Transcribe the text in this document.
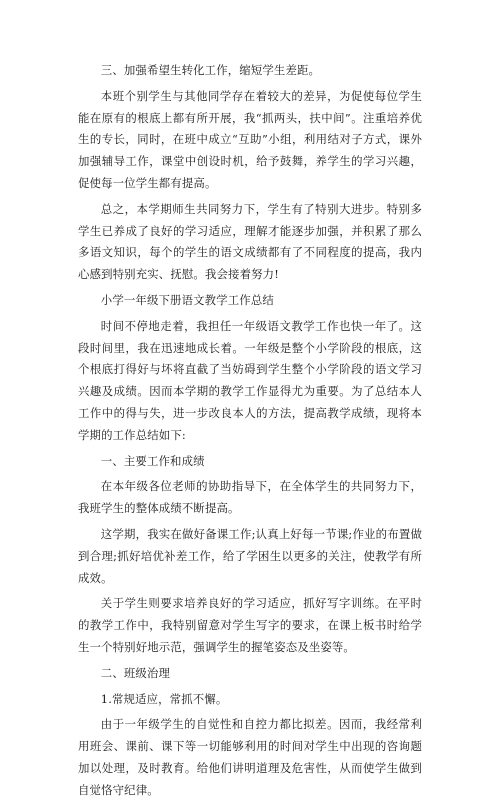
三、加强希望生转化工作，缩短学生差距。

本班个别学生与其他同学存在着较大的差异，为促使每位学生能在原有的根底上都有所开展，我“抓两头，扶中间”。注重培养优生的专长，同时，在班中成立“互助”小组，利用结对子方式，课外加强辅导工作，课堂中创设时机，给予鼓舞，养学生的学习兴趣，促使每一位学生都有提高。

总之，本学期师生共同努力下，学生有了特别大进步。特别多学生已养成了良好的学习适应，理解才能逐步加强，并积累了那么多语文知识，每个的学生的语文成绩都有了不同程度的提高，我内心感到特别充实、抚慰。我会接着努力!

小学一年级下册语文教学工作总结

时间不停地走着，我担任一年级语文教学工作也快一年了。这段时间里，我在迅速地成长着。一年级是整个小学阶段的根底，这个根底打得好与坏将直截了当妨碍到学生整个小学阶段的语文学习兴趣及成绩。因而本学期的教学工作显得尤为重要。为了总结本人工作中的得与失，进一步改良本人的方法，提高教学成绩，现将本学期的工作总结如下:

一、主要工作和成绩

在本年级各位老师的协助指导下，在全体学生的共同努力下，我班学生的整体成绩不断提高。

这学期，我实在做好备课工作;认真上好每一节课;作业的布置做到合理;抓好培优补差工作，给了学困生以更多的关注，使教学有所成效。

关于学生则要求培养良好的学习适应，抓好写字训练。在平时的教学工作中，我特别留意对学生写字的要求，在课上板书时给学生一个特别好地示范，强调学生的握笔姿态及坐姿等。

二、班级治理

1.常规适应，常抓不懈。

由于一年级学生的自觉性和自控力都比拟差。因而，我经常利用班会、课前、课下等一切能够利用的时间对学生中出现的咨询题加以处理，及时教育。给他们讲明道理及危害性，从而使学生做到自觉恪守纪律。
